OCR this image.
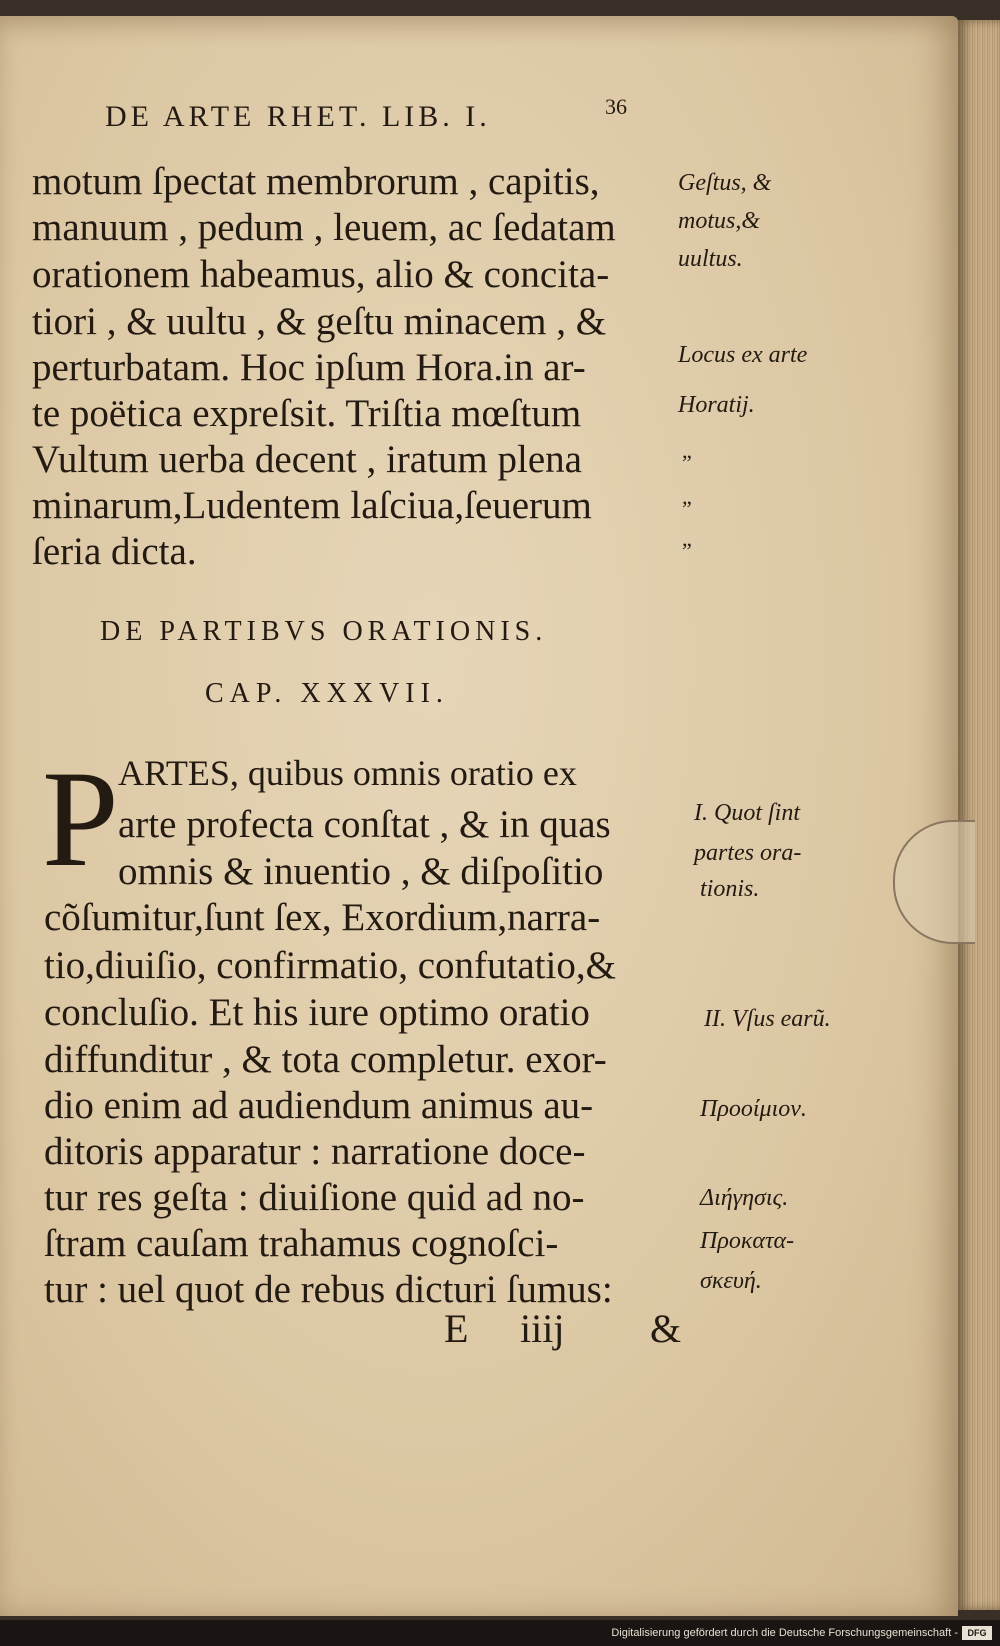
DE ARTE RHET. LIB. I.	36
motum ſpectat membrorum , capitis,
manuum , pedum , leuem, ac ſedatam
orationem habeamus, alio & concita-
tiori , & uultu , & geſtu minacem , &
perturbatam. Hoc ipſum Hora.in ar-
te poëtica expreſsit. Triſtia mœſtum
Vultum uerba decent , iratum plena
minarum,Ludentem laſciua,ſeuerum
ſeria dicta.
Geſtus, &
motus,&
uultus.
Locus ex arte
Horatij.
„
„
„
DE PARTIBVS ORATIONIS.
CAP. XXXVII.
P ARTES, quibus omnis oratio ex
arte profecta conſtat , & in quas
omnis & inuentio , & diſpoſitio
cõſumitur,ſunt ſex, Exordium,narra-
tio,diuiſio, confirmatio, confutatio,&
concluſio. Et his iure optimo oratio
diffunditur , & tota completur. exor-
dio enim ad audiendum animus au-
ditoris apparatur : narratione doce-
tur res geſta : diuiſione quid ad no-
ſtram cauſam trahamus cognoſci-
tur : uel quot de rebus dicturi ſumus:
I. Quot ſint
partes ora-
tionis.
II. Vſus earũ.
Προοίμιον.
Διήγησις.
Προκατα-
σκευή.
E iiij &
Digitalisierung gefördert durch die Deutsche Forschungsgemeinschaft -	DFG
